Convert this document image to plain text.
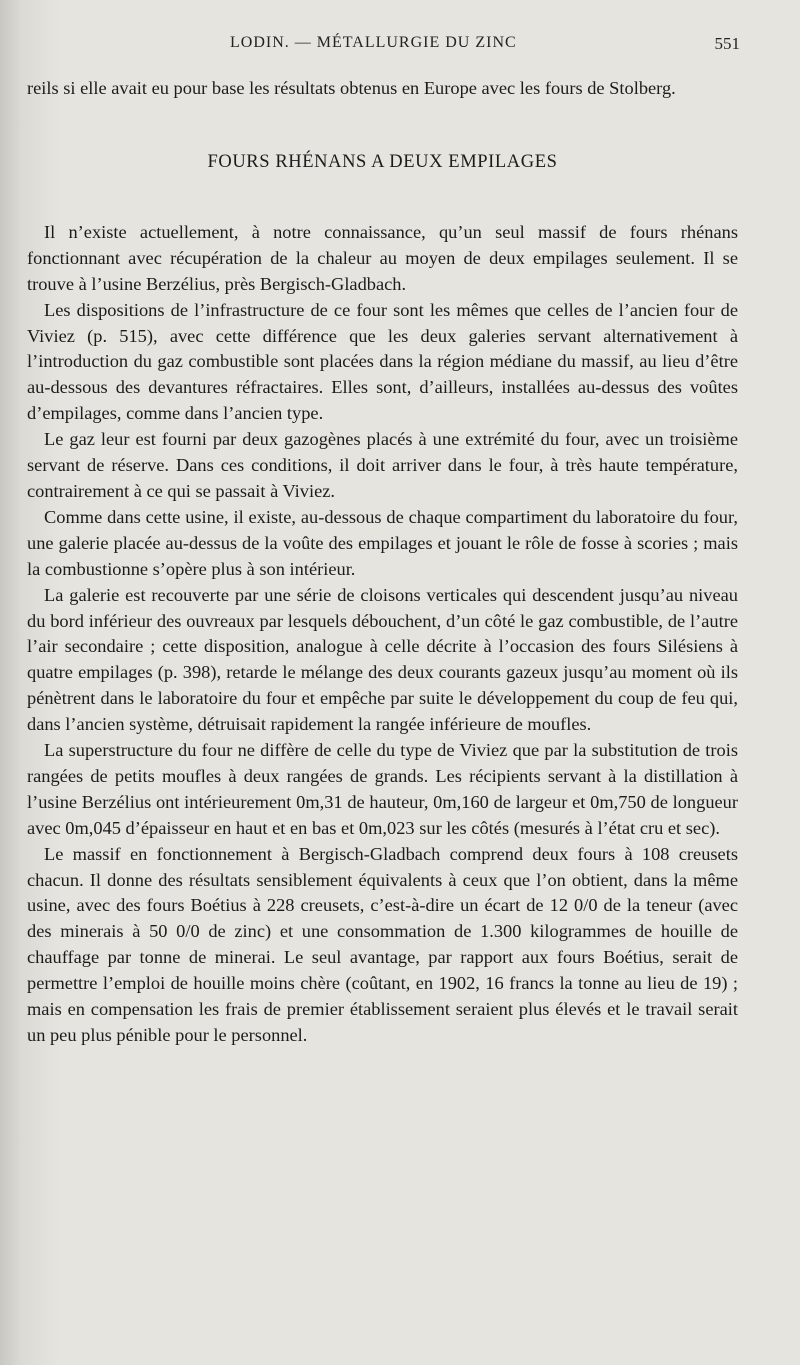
LODIN. — MÉTALLURGIE DU ZINC	551

reils si elle avait eu pour base les résultats obtenus en Europe avec les fours de Stolberg.

FOURS RHÉNANS A DEUX EMPILAGES

Il n’existe actuellement, à notre connaissance, qu’un seul massif de fours rhénans fonctionnant avec récupération de la chaleur au moyen de deux empilages seulement. Il se trouve à l’usine Berzélius, près Bergisch-Gladbach.

Les dispositions de l’infrastructure de ce four sont les mêmes que celles de l’ancien four de Viviez (p. 515), avec cette différence que les deux galeries servant alternativement à l’introduction du gaz combustible sont placées dans la région médiane du massif, au lieu d’être au-dessous des devantures réfractaires. Elles sont, d’ailleurs, installées au-dessus des voûtes d’empilages, comme dans l’ancien type.

Le gaz leur est fourni par deux gazogènes placés à une extrémité du four, avec un troisième servant de réserve. Dans ces conditions, il doit arriver dans le four, à très haute température, contrairement à ce qui se passait à Viviez.

Comme dans cette usine, il existe, au-dessous de chaque compartiment du laboratoire du four, une galerie placée au-dessus de la voûte des empilages et jouant le rôle de fosse à scories ; mais la combustionne s’opère plus à son intérieur.

La galerie est recouverte par une série de cloisons verticales qui descendent jusqu’au niveau du bord inférieur des ouvreaux par lesquels débouchent, d’un côté le gaz combustible, de l’autre l’air secondaire ; cette disposition, analogue à celle décrite à l’occasion des fours Silésiens à quatre empilages (p. 398), retarde le mélange des deux courants gazeux jusqu’au moment où ils pénètrent dans le laboratoire du four et empêche par suite le développement du coup de feu qui, dans l’ancien système, détruisait rapidement la rangée inférieure de moufles.

La superstructure du four ne diffère de celle du type de Viviez que par la substitution de trois rangées de petits moufles à deux rangées de grands. Les récipients servant à la distillation à l’usine Berzélius ont intérieurement 0m,31 de hauteur, 0m,160 de largeur et 0m,750 de longueur avec 0m,045 d’épaisseur en haut et en bas et 0m,023 sur les côtés (mesurés à l’état cru et sec).

Le massif en fonctionnement à Bergisch-Gladbach comprend deux fours à 108 creusets chacun. Il donne des résultats sensiblement équivalents à ceux que l’on obtient, dans la même usine, avec des fours Boétius à 228 creusets, c’est-à-dire un écart de 12 0/0 de la teneur (avec des minerais à 50 0/0 de zinc) et une consommation de 1.300 kilogrammes de houille de chauffage par tonne de minerai. Le seul avantage, par rapport aux fours Boétius, serait de permettre l’emploi de houille moins chère (coûtant, en 1902, 16 francs la tonne au lieu de 19) ; mais en compensation les frais de premier établissement seraient plus élevés et le travail serait un peu plus pénible pour le personnel.
